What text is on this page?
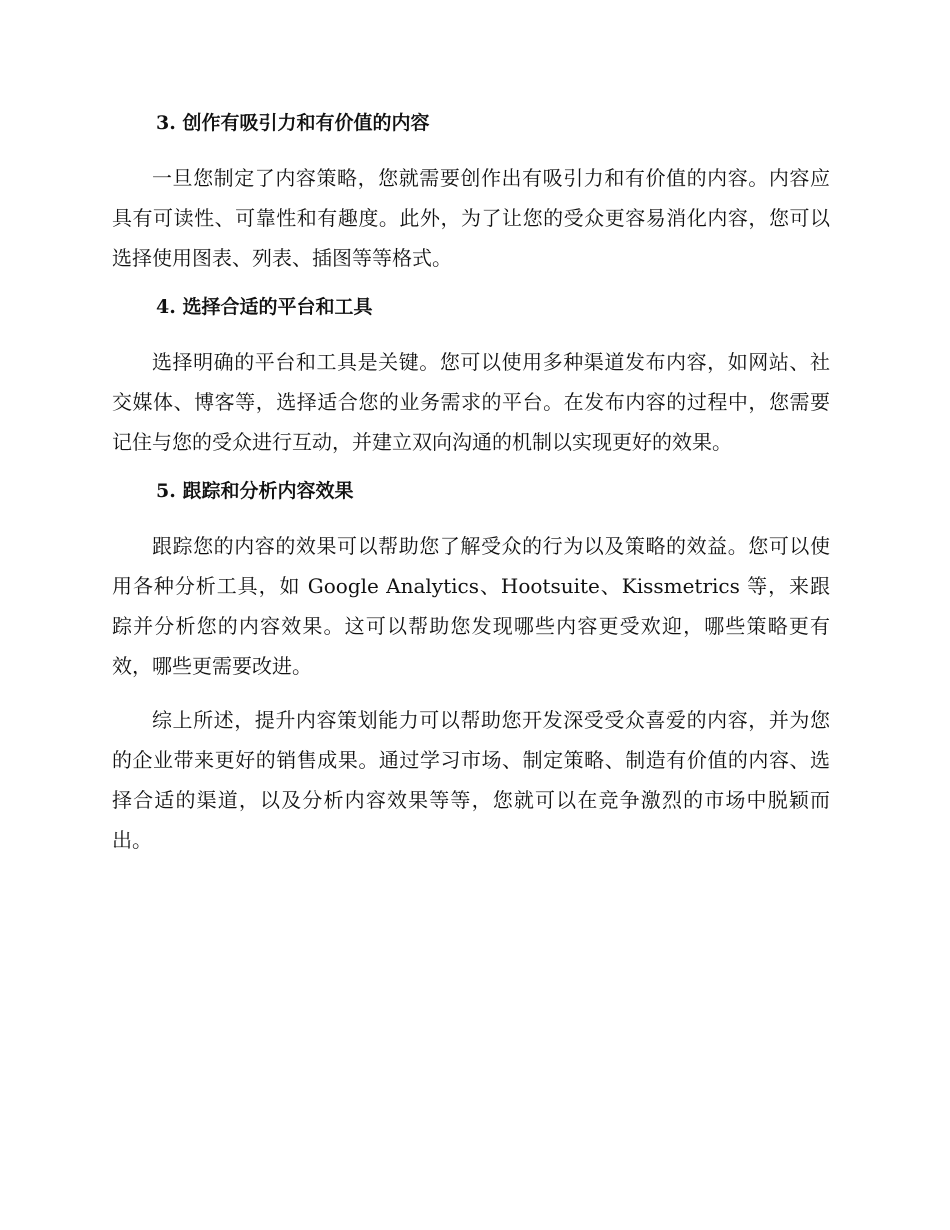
3. 创作有吸引力和有价值的内容

一旦您制定了内容策略，您就需要创作出有吸引力和有价值的内容。内容应具有可读性、可靠性和有趣度。此外，为了让您的受众更容易消化内容，您可以选择使用图表、列表、插图等等格式。

4. 选择合适的平台和工具

选择明确的平台和工具是关键。您可以使用多种渠道发布内容，如网站、社交媒体、博客等，选择适合您的业务需求的平台。在发布内容的过程中，您需要记住与您的受众进行互动，并建立双向沟通的机制以实现更好的效果。

5. 跟踪和分析内容效果

跟踪您的内容的效果可以帮助您了解受众的行为以及策略的效益。您可以使用各种分析工具，如 Google Analytics、Hootsuite、Kissmetrics 等，来跟踪并分析您的内容效果。这可以帮助您发现哪些内容更受欢迎，哪些策略更有效，哪些更需要改进。

综上所述，提升内容策划能力可以帮助您开发深受受众喜爱的内容，并为您的企业带来更好的销售成果。通过学习市场、制定策略、制造有价值的内容、选择合适的渠道，以及分析内容效果等等，您就可以在竞争激烈的市场中脱颖而出。
